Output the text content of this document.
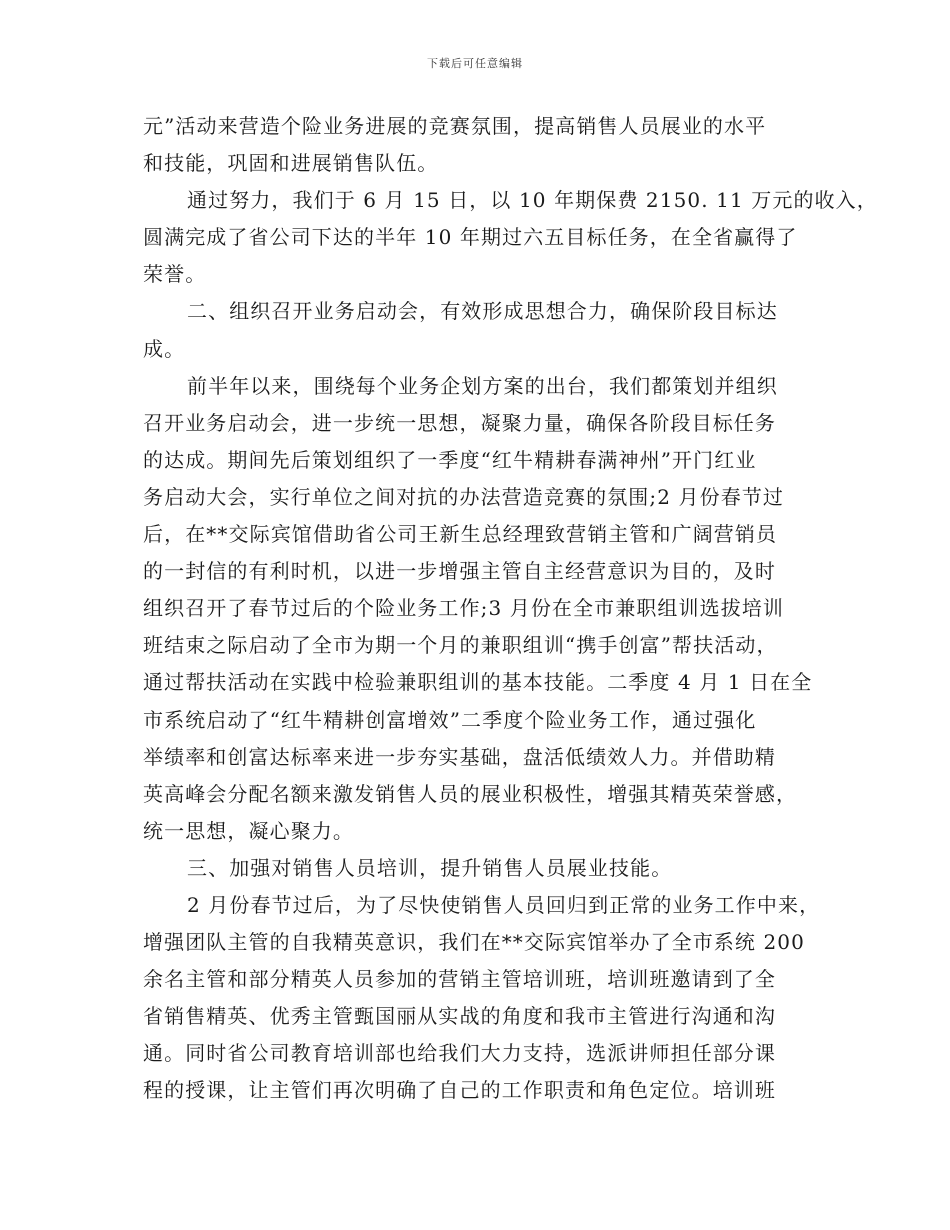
下载后可任意编辑
元”活动来营造个险业务进展的竞赛氛围，提高销售人员展业的水平
和技能，巩固和进展销售队伍。
通过努力，我们于 6 月 15 日，以 10 年期保费 2150. 11 万元的收入，
圆满完成了省公司下达的半年 10 年期过六五目标任务，在全省赢得了
荣誉。
二、组织召开业务启动会，有效形成思想合力，确保阶段目标达
成。
前半年以来，围绕每个业务企划方案的出台，我们都策划并组织
召开业务启动会，进一步统一思想，凝聚力量，确保各阶段目标任务
的达成。期间先后策划组织了一季度“红牛精耕春满神州”开门红业
务启动大会，实行单位之间对抗的办法营造竞赛的氛围;2 月份春节过
后，在**交际宾馆借助省公司王新生总经理致营销主管和广阔营销员
的一封信的有利时机，以进一步增强主管自主经营意识为目的，及时
组织召开了春节过后的个险业务工作;3 月份在全市兼职组训选拔培训
班结束之际启动了全市为期一个月的兼职组训“携手创富”帮扶活动，
通过帮扶活动在实践中检验兼职组训的基本技能。二季度 4 月 1 日在全
市系统启动了“红牛精耕创富增效”二季度个险业务工作，通过强化
举绩率和创富达标率来进一步夯实基础，盘活低绩效人力。并借助精
英高峰会分配名额来激发销售人员的展业积极性，增强其精英荣誉感，
统一思想，凝心聚力。
三、加强对销售人员培训，提升销售人员展业技能。
2 月份春节过后，为了尽快使销售人员回归到正常的业务工作中来，
增强团队主管的自我精英意识，我们在**交际宾馆举办了全市系统 200
余名主管和部分精英人员参加的营销主管培训班，培训班邀请到了全
省销售精英、优秀主管甄国丽从实战的角度和我市主管进行沟通和沟
通。同时省公司教育培训部也给我们大力支持，选派讲师担任部分课
程的授课，让主管们再次明确了自己的工作职责和角色定位。培训班
